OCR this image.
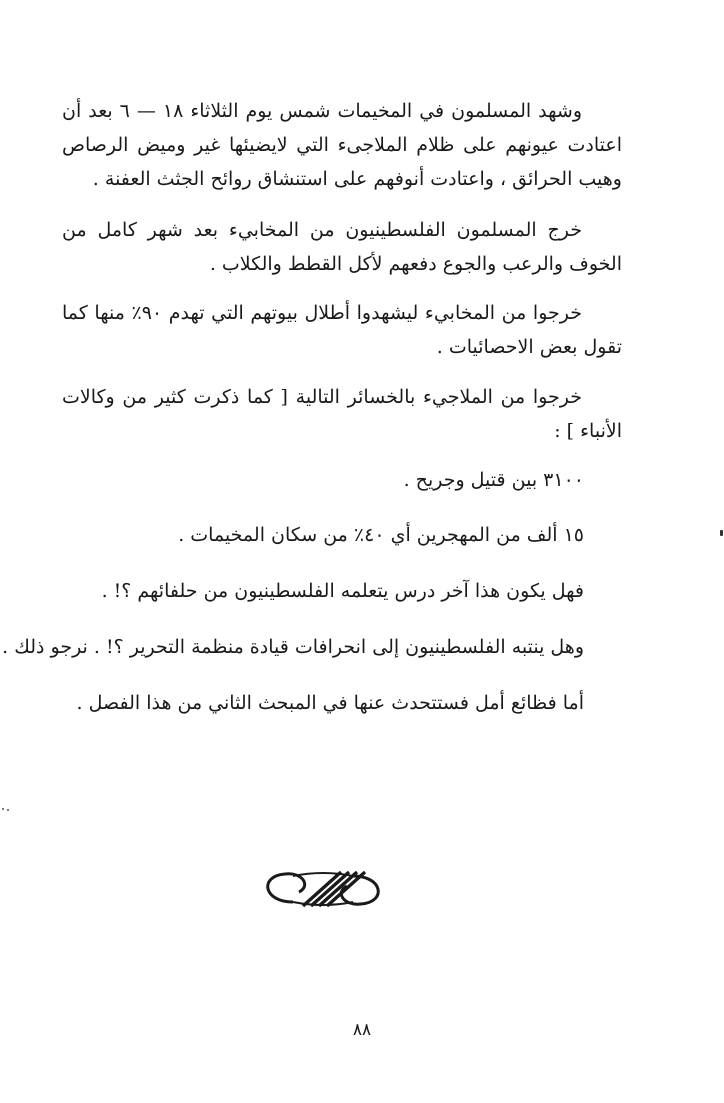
وشهد المسلمون في المخيمات شمس يوم الثلاثاء ١٨ — ٦ بعد أن اعتادت عيونهم على ظلام الملاجىء التي لايضيئها غير وميض الرصاص وهيب الحرائق ، واعتادت أنوفهم على استنشاق روائح الجثث العفنة .

خرج المسلمون الفلسطينيون من المخابيء بعد شهر كامل من الخوف والرعب والجوع دفعهم لأكل القطط والكلاب .

خرجوا من المخابيء ليشهدوا أطلال بيوتهم التي تهدم ٩٠٪ منها كما تقول بعض الاحصائيات .

خرجوا من الملاجيء بالخسائر التالية [ كما ذكرت كثير من وكالات الأنباء ] :

٣١٠٠ بين قتيل وجريح .
١٥ ألف من المهجرين أي ٤٠٪ من سكان المخيمات .
فهل يكون هذا آخر درس يتعلمه الفلسطينيون من حلفائهم ؟! .
وهل ينتبه الفلسطينيون إلى انحرافات قيادة منظمة التحرير ؟! . نرجو ذلك .
أما فظائع أمل فستتحدث عنها في المبحث الثاني من هذا الفصل .
٨٨
